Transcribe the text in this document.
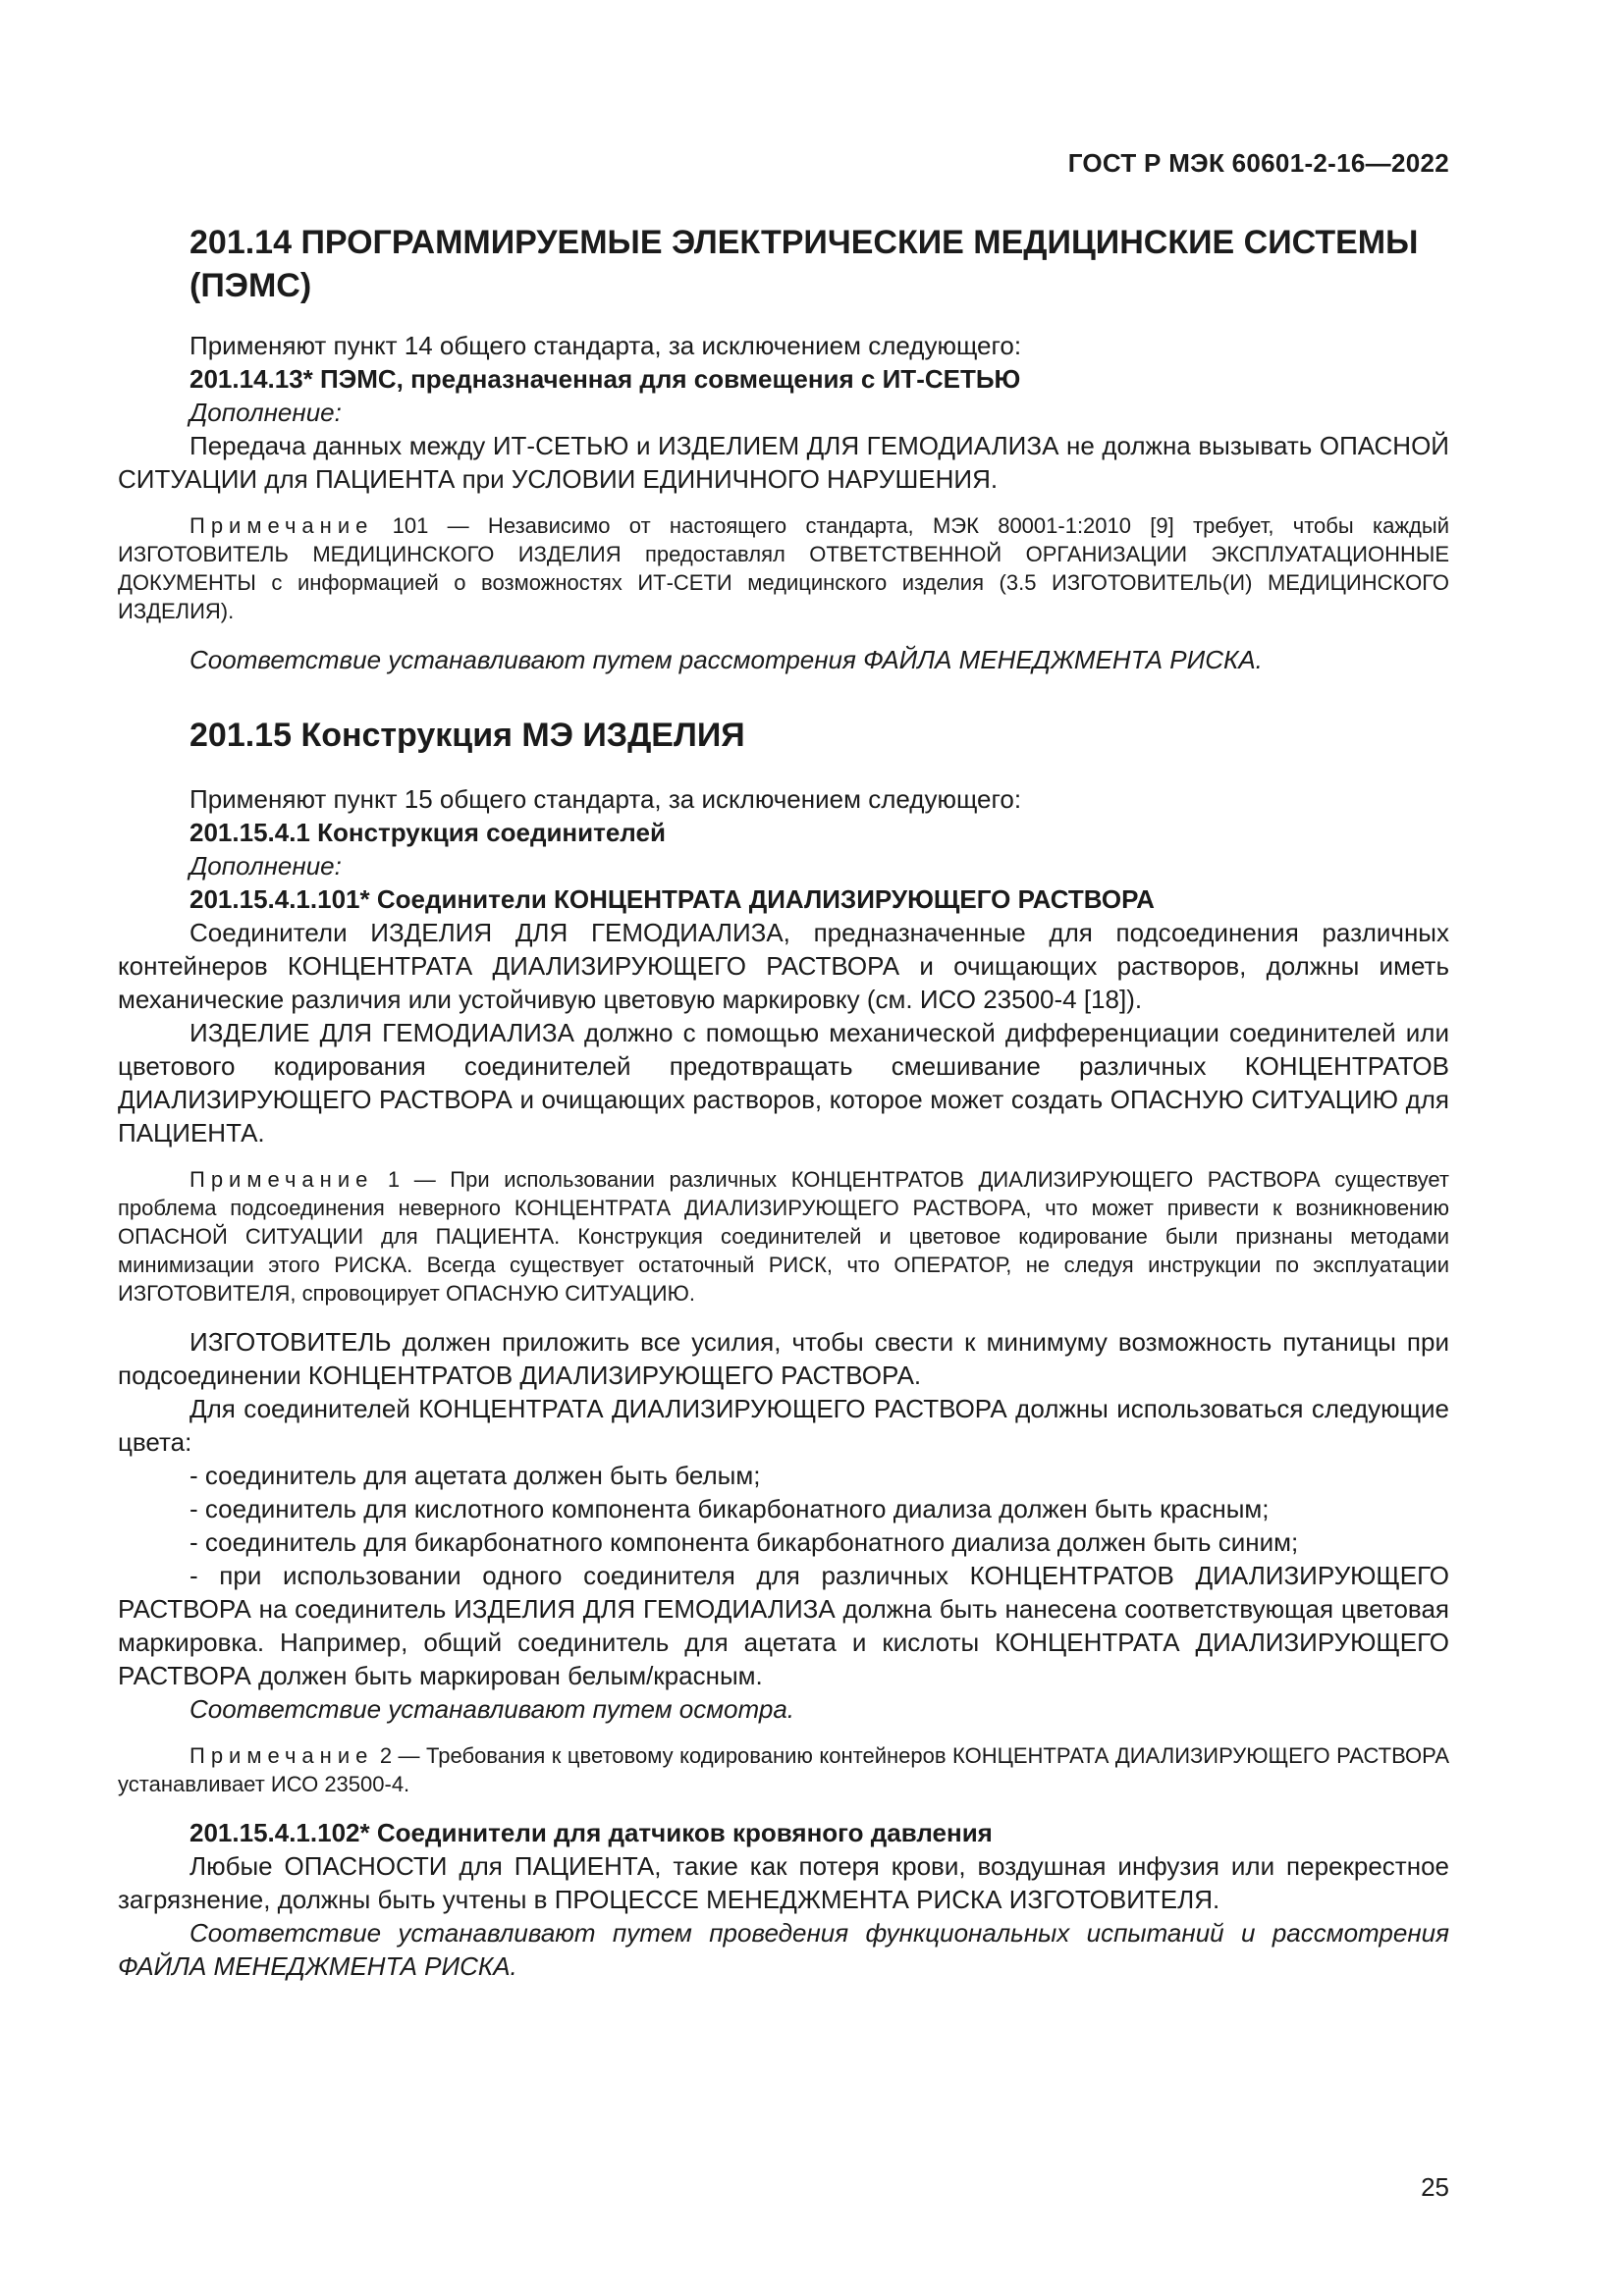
ГОСТ Р МЭК 60601-2-16—2022
201.14 ПРОГРАММИРУЕМЫЕ ЭЛЕКТРИЧЕСКИЕ МЕДИЦИНСКИЕ СИСТЕМЫ (ПЭМС)

Применяют пункт 14 общего стандарта, за исключением следующего:

201.14.13* ПЭМС, предназначенная для совмещения с ИТ-СЕТЬЮ

Дополнение:

Передача данных между ИТ-СЕТЬЮ и ИЗДЕЛИЕМ ДЛЯ ГЕМОДИАЛИЗА не должна вызывать ОПАСНОЙ СИТУАЦИИ для ПАЦИЕНТА при УСЛОВИИ ЕДИНИЧНОГО НАРУШЕНИЯ.

Примечание 101 — Независимо от настоящего стандарта, МЭК 80001-1:2010 [9] требует, чтобы каждый ИЗГОТОВИТЕЛЬ МЕДИЦИНСКОГО ИЗДЕЛИЯ предоставлял ОТВЕТСТВЕННОЙ ОРГАНИЗАЦИИ ЭКСПЛУАТАЦИОННЫЕ ДОКУМЕНТЫ с информацией о возможностях ИТ-СЕТИ медицинского изделия (3.5 ИЗГОТОВИТЕЛЬ(И) МЕДИЦИНСКОГО ИЗДЕЛИЯ).

Соответствие устанавливают путем рассмотрения ФАЙЛА МЕНЕДЖМЕНТА РИСКА.

201.15 Конструкция МЭ ИЗДЕЛИЯ

Применяют пункт 15 общего стандарта, за исключением следующего:

201.15.4.1 Конструкция соединителей

Дополнение:

201.15.4.1.101* Соединители КОНЦЕНТРАТА ДИАЛИЗИРУЮЩЕГО РАСТВОРА

Соединители ИЗДЕЛИЯ ДЛЯ ГЕМОДИАЛИЗА, предназначенные для подсоединения различных контейнеров КОНЦЕНТРАТА ДИАЛИЗИРУЮЩЕГО РАСТВОРА и очищающих растворов, должны иметь механические различия или устойчивую цветовую маркировку (см. ИСО 23500-4 [18]).

ИЗДЕЛИЕ ДЛЯ ГЕМОДИАЛИЗА должно с помощью механической дифференциации соединителей или цветового кодирования соединителей предотвращать смешивание различных КОНЦЕНТРАТОВ ДИАЛИЗИРУЮЩЕГО РАСТВОРА и очищающих растворов, которое может создать ОПАСНУЮ СИТУАЦИЮ для ПАЦИЕНТА.

Примечание 1 — При использовании различных КОНЦЕНТРАТОВ ДИАЛИЗИРУЮЩЕГО РАСТВОРА существует проблема подсоединения неверного КОНЦЕНТРАТА ДИАЛИЗИРУЮЩЕГО РАСТВОРА, что может привести к возникновению ОПАСНОЙ СИТУАЦИИ для ПАЦИЕНТА. Конструкция соединителей и цветовое кодирование были признаны методами минимизации этого РИСКА. Всегда существует остаточный РИСК, что ОПЕРАТОР, не следуя инструкции по эксплуатации ИЗГОТОВИТЕЛЯ, спровоцирует ОПАСНУЮ СИТУАЦИЮ.

ИЗГОТОВИТЕЛЬ должен приложить все усилия, чтобы свести к минимуму возможность путаницы при подсоединении КОНЦЕНТРАТОВ ДИАЛИЗИРУЮЩЕГО РАСТВОРА.

Для соединителей КОНЦЕНТРАТА ДИАЛИЗИРУЮЩЕГО РАСТВОРА должны использоваться следующие цвета:

- соединитель для ацетата должен быть белым;

- соединитель для кислотного компонента бикарбонатного диализа должен быть красным;

- соединитель для бикарбонатного компонента бикарбонатного диализа должен быть синим;

- при использовании одного соединителя для различных КОНЦЕНТРАТОВ ДИАЛИЗИРУЮЩЕГО РАСТВОРА на соединитель ИЗДЕЛИЯ ДЛЯ ГЕМОДИАЛИЗА должна быть нанесена соответствующая цветовая маркировка. Например, общий соединитель для ацетата и кислоты КОНЦЕНТРАТА ДИАЛИЗИРУЮЩЕГО РАСТВОРА должен быть маркирован белым/красным.

Соответствие устанавливают путем осмотра.

Примечание 2 — Требования к цветовому кодированию контейнеров КОНЦЕНТРАТА ДИАЛИЗИРУЮЩЕГО РАСТВОРА устанавливает ИСО 23500-4.

201.15.4.1.102* Соединители для датчиков кровяного давления

Любые ОПАСНОСТИ для ПАЦИЕНТА, такие как потеря крови, воздушная инфузия или перекрестное загрязнение, должны быть учтены в ПРОЦЕССЕ МЕНЕДЖМЕНТА РИСКА ИЗГОТОВИТЕЛЯ.

Соответствие устанавливают путем проведения функциональных испытаний и рассмотрения ФАЙЛА МЕНЕДЖМЕНТА РИСКА.

25
